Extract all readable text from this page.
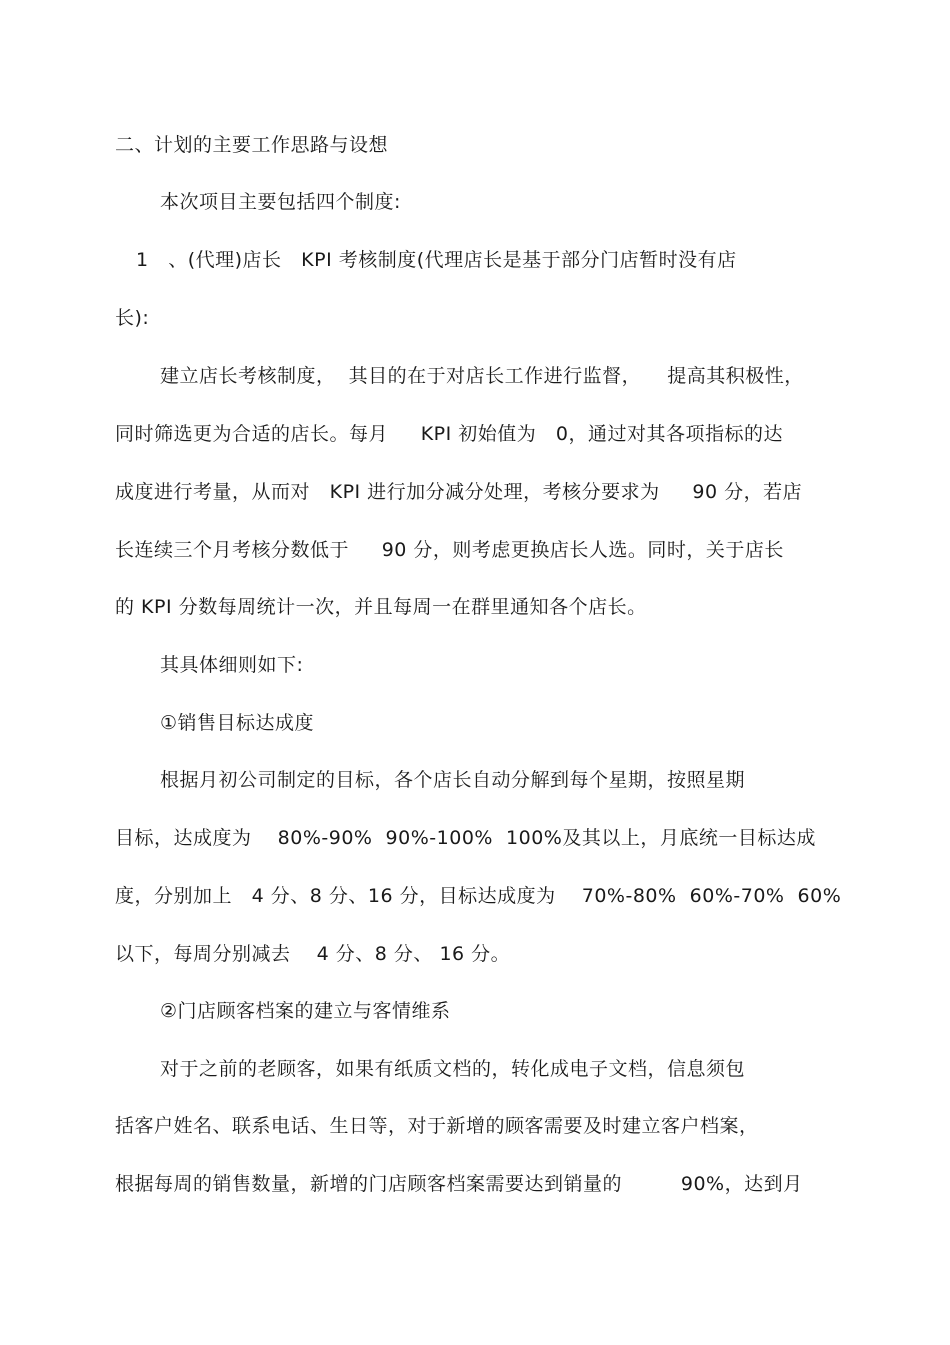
二、计划的主要工作思路与设想
本次项目主要包括四个制度:
1   、(代理)店长   KPI 考核制度(代理店长是基于部分门店暂时没有店
长):
建立店长考核制度，  其目的在于对店长工作进行监督，    提高其积极性，
同时筛选更为合适的店长。每月     KPI 初始值为   0，通过对其各项指标的达
成度进行考量，从而对   KPI 进行加分减分处理，考核分要求为     90 分，若店
长连续三个月考核分数低于     90 分，则考虑更换店长人选。同时，关于店长
的 KPI 分数每周统计一次，并且每周一在群里通知各个店长。
其具体细则如下:
①销售目标达成度
根据月初公司制定的目标，各个店长自动分解到每个星期，按照星期
目标，达成度为    80%-90%  90%-100%  100%及其以上，月底统一目标达成
度，分别加上   4 分、8 分、16 分，目标达成度为    70%-80%  60%-70%  60%
以下，每周分别减去    4 分、8 分、 16 分。
②门店顾客档案的建立与客情维系
对于之前的老顾客，如果有纸质文档的，转化成电子文档，信息须包
括客户姓名、联系电话、生日等，对于新增的顾客需要及时建立客户档案，
根据每周的销售数量，新增的门店顾客档案需要达到销量的         90%，达到月
